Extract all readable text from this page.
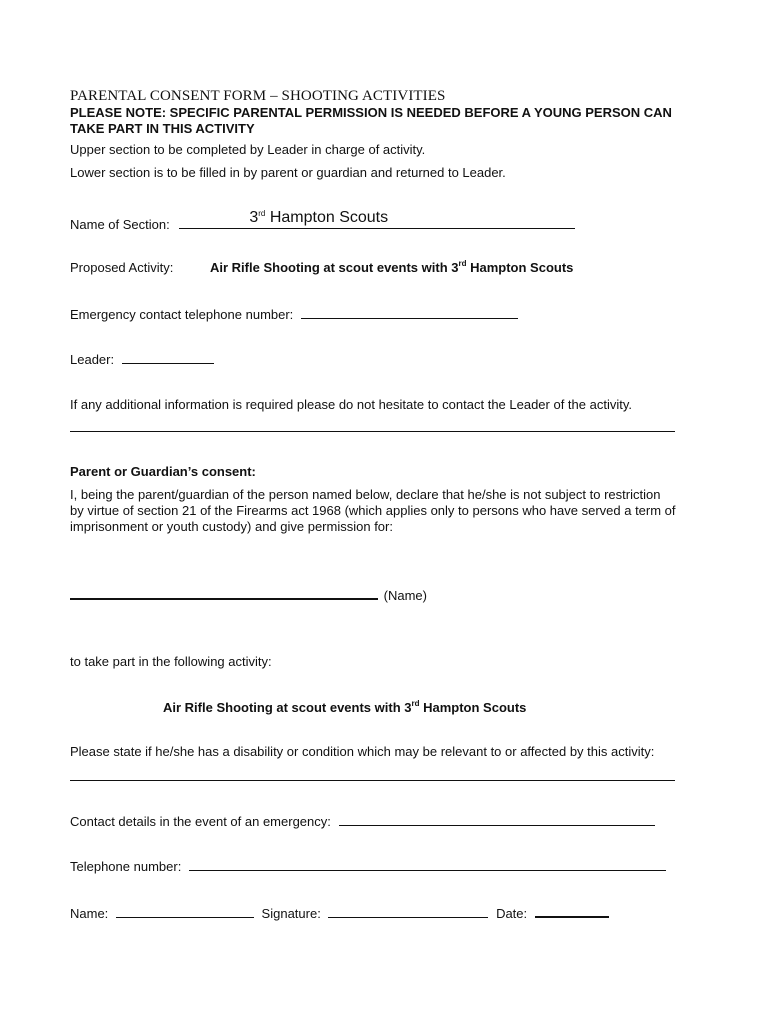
PARENTAL CONSENT FORM – SHOOTING ACTIVITIES
PLEASE NOTE: SPECIFIC PARENTAL PERMISSION IS NEEDED BEFORE A YOUNG PERSON CAN
TAKE PART IN THIS ACTIVITY
Upper section to be completed by Leader in charge of activity.
Lower section is to be filled in by parent or guardian and returned to Leader.
Name of Section:	3rd Hampton Scouts
Proposed Activity:	Air Rifle Shooting at scout events with 3rd Hampton Scouts
Emergency contact telephone number:
Leader:
If any additional information is required please do not hesitate to contact the Leader of the activity.
Parent or Guardian’s consent:
I, being the parent/guardian of the person named below, declare that he/she is not subject to restriction
by virtue of section 21 of the Firearms act 1968 (which applies only to persons who have served a term of
imprisonment or youth custody) and give permission for:
(Name)
to take part in the following activity:
Air Rifle Shooting at scout events with 3rd Hampton Scouts
Please state if he/she has a disability or condition which may be relevant to or affected by this activity:
Contact details in the event of an emergency:
Telephone number:
Name:	Signature:	Date:
